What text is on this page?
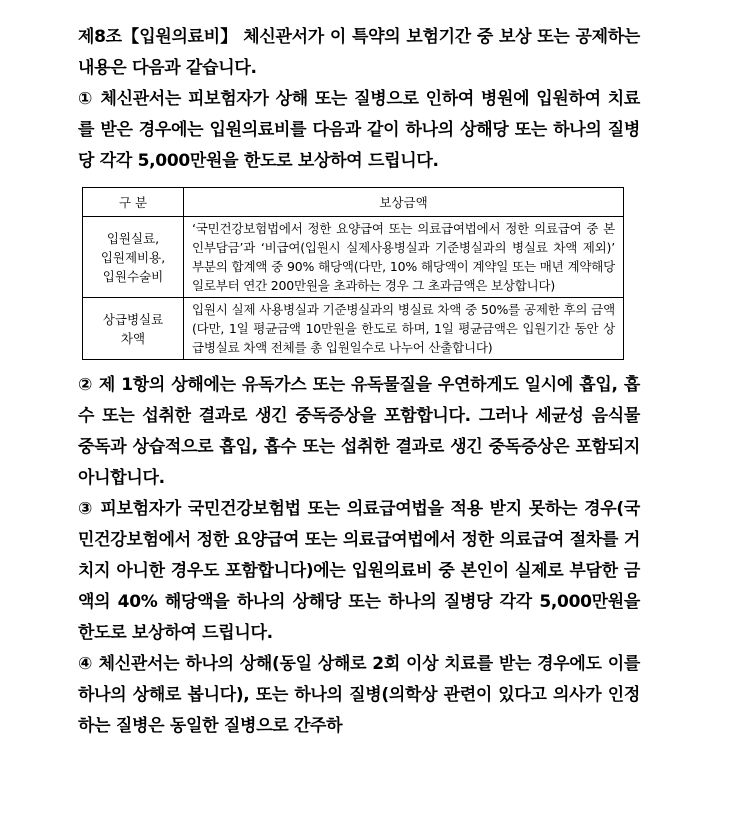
제8조【입원의료비】 체신관서가 이 특약의 보험기간 중 보상 또는 공제하는 내용은 다음과 같습니다.

① 체신관서는 피보험자가 상해 또는 질병으로 인하여 병원에 입원하여 치료를 받은 경우에는 입원의료비를 다음과 같이 하나의 상해당 또는 하나의 질병당 각각 5,000만원을 한도로 보상하여 드립니다.

구 분	보상금액
입원실료,
입원제비용,
입원수술비	‘국민건강보험법에서 정한 요양급여 또는 의료급여법에서 정한 의료급여 중 본인부담금’과 ‘비급여(입원시 실제사용병실과 기준병실과의 병실료 차액 제외)’ 부분의 합계액 중 90% 해당액(다만, 10% 해당액이 계약일 또는 매년 계약해당일로부터 연간 200만원을 초과하는 경우 그 초과금액은 보상합니다)
상급병실료
차액	입원시 실제 사용병실과 기준병실과의 병실료 차액 중 50%를 공제한 후의 금액(다만, 1일 평균금액 10만원을 한도로 하며, 1일 평균금액은 입원기간 동안 상급병실료 차액 전체를 총 입원일수로 나누어 산출합니다)

② 제 1항의 상해에는 유독가스 또는 유독물질을 우연하게도 일시에 흡입, 흡수 또는 섭취한 결과로 생긴 중독증상을 포함합니다. 그러나 세균성 음식물 중독과 상습적으로 흡입, 흡수 또는 섭취한 결과로 생긴 중독증상은 포함되지 아니합니다.

③ 피보험자가 국민건강보험법 또는 의료급여법을 적용 받지 못하는 경우(국민건강보험에서 정한 요양급여 또는 의료급여법에서 정한 의료급여 절차를 거치지 아니한 경우도 포함합니다)에는 입원의료비 중 본인이 실제로 부담한 금액의 40% 해당액을 하나의 상해당 또는 하나의 질병당 각각 5,000만원을 한도로 보상하여 드립니다.

④ 체신관서는 하나의 상해(동일 상해로 2회 이상 치료를 받는 경우에도 이를 하나의 상해로 봅니다), 또는 하나의 질병(의학상 관련이 있다고 의사가 인정하는 질병은 동일한 질병으로 간주하
